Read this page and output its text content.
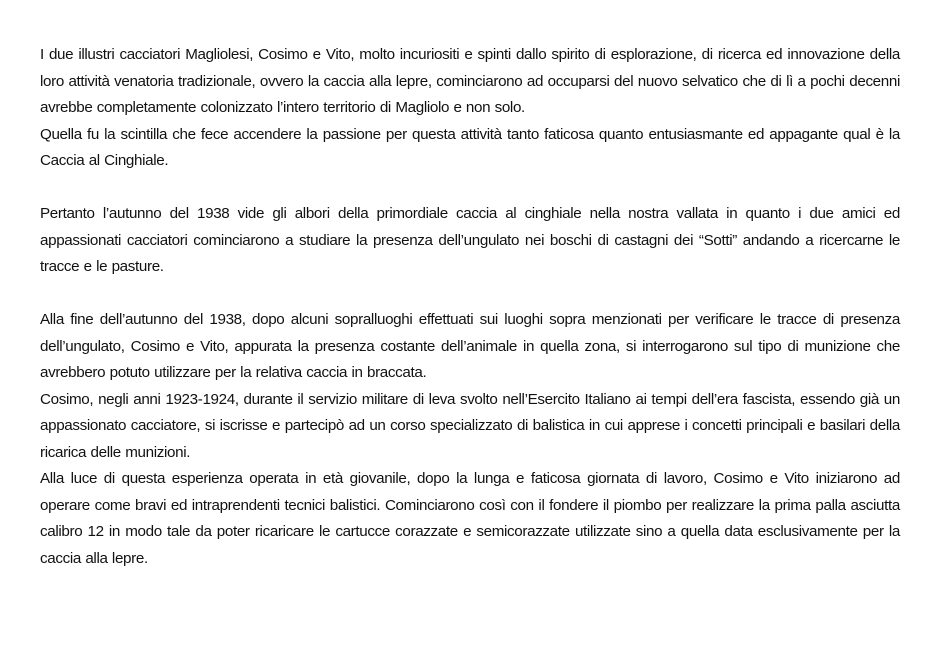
I due illustri cacciatori Magliolesi, Cosimo e Vito, molto incuriositi e spinti dallo spirito di esplorazione, di ricerca ed innovazione della loro attività venatoria tradizionale, ovvero la caccia alla lepre, cominciarono ad occuparsi del nuovo selvatico che di lì a pochi decenni avrebbe completamente colonizzato l’intero territorio di Magliolo e non solo.

Quella fu la scintilla che fece accendere la passione per questa attività tanto faticosa quanto entusiasmante ed appagante qual è la Caccia al Cinghiale.

Pertanto l’autunno del 1938 vide gli albori della primordiale caccia al cinghiale nella nostra vallata in quanto i due amici ed appassionati cacciatori cominciarono a studiare la presenza dell’ungulato nei boschi di castagni dei “Sotti” andando a ricercarne le tracce e le pasture.

Alla fine dell’autunno del 1938, dopo alcuni sopralluoghi effettuati sui luoghi sopra menzionati per verificare le tracce di presenza dell’ungulato, Cosimo e Vito, appurata la presenza costante dell’animale in quella zona, si interrogarono sul tipo di munizione che avrebbero potuto utilizzare per la relativa caccia in braccata.

Cosimo, negli anni 1923-1924, durante il servizio militare di leva svolto nell’Esercito Italiano ai tempi dell’era fascista, essendo già un appassionato cacciatore, si iscrisse e partecipò ad un corso specializzato di balistica in cui apprese i concetti principali e basilari della ricarica delle munizioni.

Alla luce di questa esperienza operata in età giovanile, dopo la lunga e faticosa giornata di lavoro, Cosimo e Vito iniziarono ad operare come bravi ed intraprendenti tecnici balistici. Cominciarono così con il fondere il piombo per realizzare la prima palla asciutta calibro 12 in modo tale da poter ricaricare le cartucce corazzate e semicorazzate utilizzate sino a quella data esclusivamente per la caccia alla lepre.
